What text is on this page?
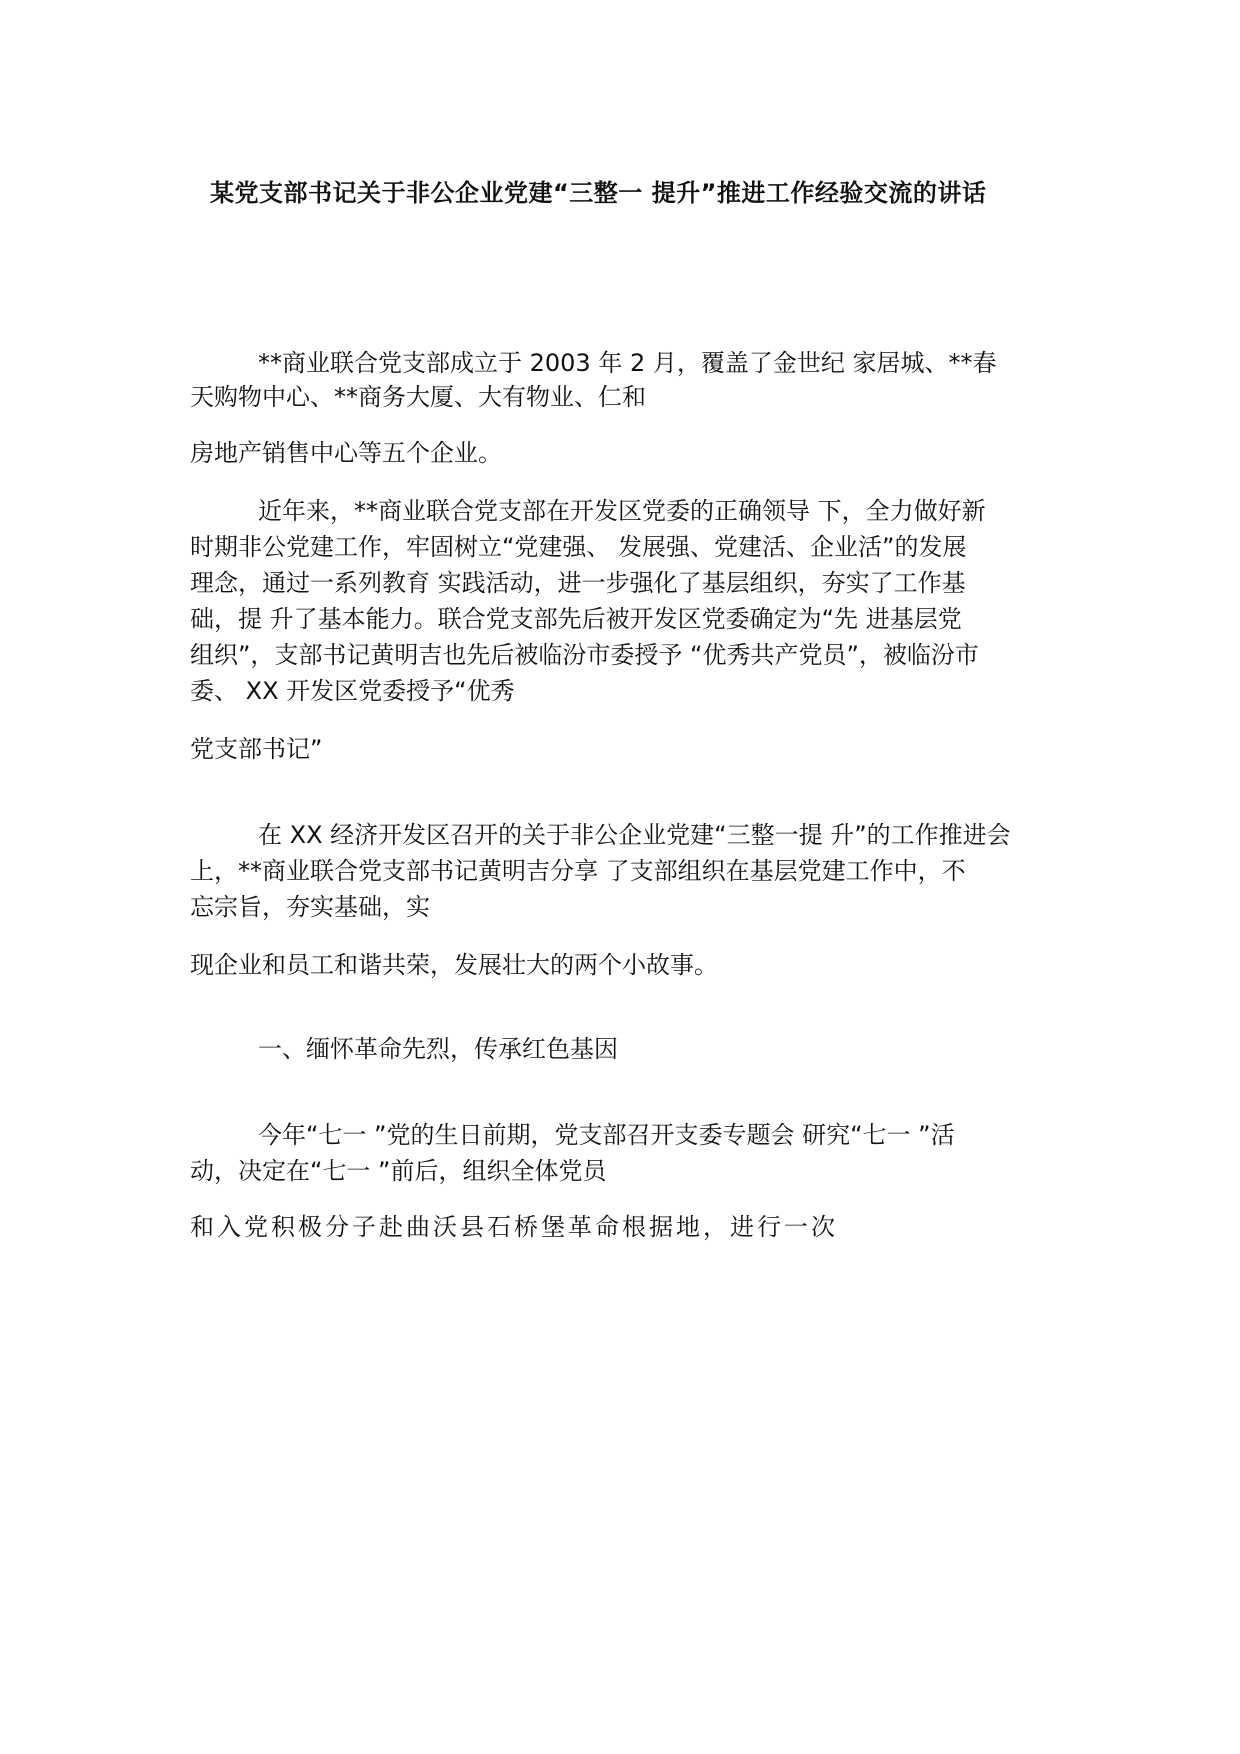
某党支部书记关于非公企业党建“三整一 提升”推进工作经验交流的讲话
**商业联合党支部成立于 2003 年 2 月，覆盖了金世纪 家居城、**春
天购物中心、**商务大厦、大有物业、仁和
房地产销售中心等五个企业。
近年来，**商业联合党支部在开发区党委的正确领导 下，全力做好新
时期非公党建工作，牢固树立“党建强、 发展强、党建活、企业活”的发展
理念，通过一系列教育 实践活动，进一步强化了基层组织，夯实了工作基
础，提 升了基本能力。联合党支部先后被开发区党委确定为“先 进基层党
组织”，支部书记黄明吉也先后被临汾市委授予 “优秀共产党员”，被临汾市
委、 XX 开发区党委授予“优秀
党支部书记”
在 XX 经济开发区召开的关于非公企业党建“三整一提 升”的工作推进会
上，**商业联合党支部书记黄明吉分享 了支部组织在基层党建工作中，不
忘宗旨，夯实基础，实
现企业和员工和谐共荣，发展壮大的两个小故事。
一、缅怀革命先烈，传承红色基因
今年“七一 ”党的生日前期，党支部召开支委专题会 研究“七一 ”活
动，决定在“七一 ”前后，组织全体党员
和入党积极分子赴曲沃县石桥堡革命根据地，进行一次
